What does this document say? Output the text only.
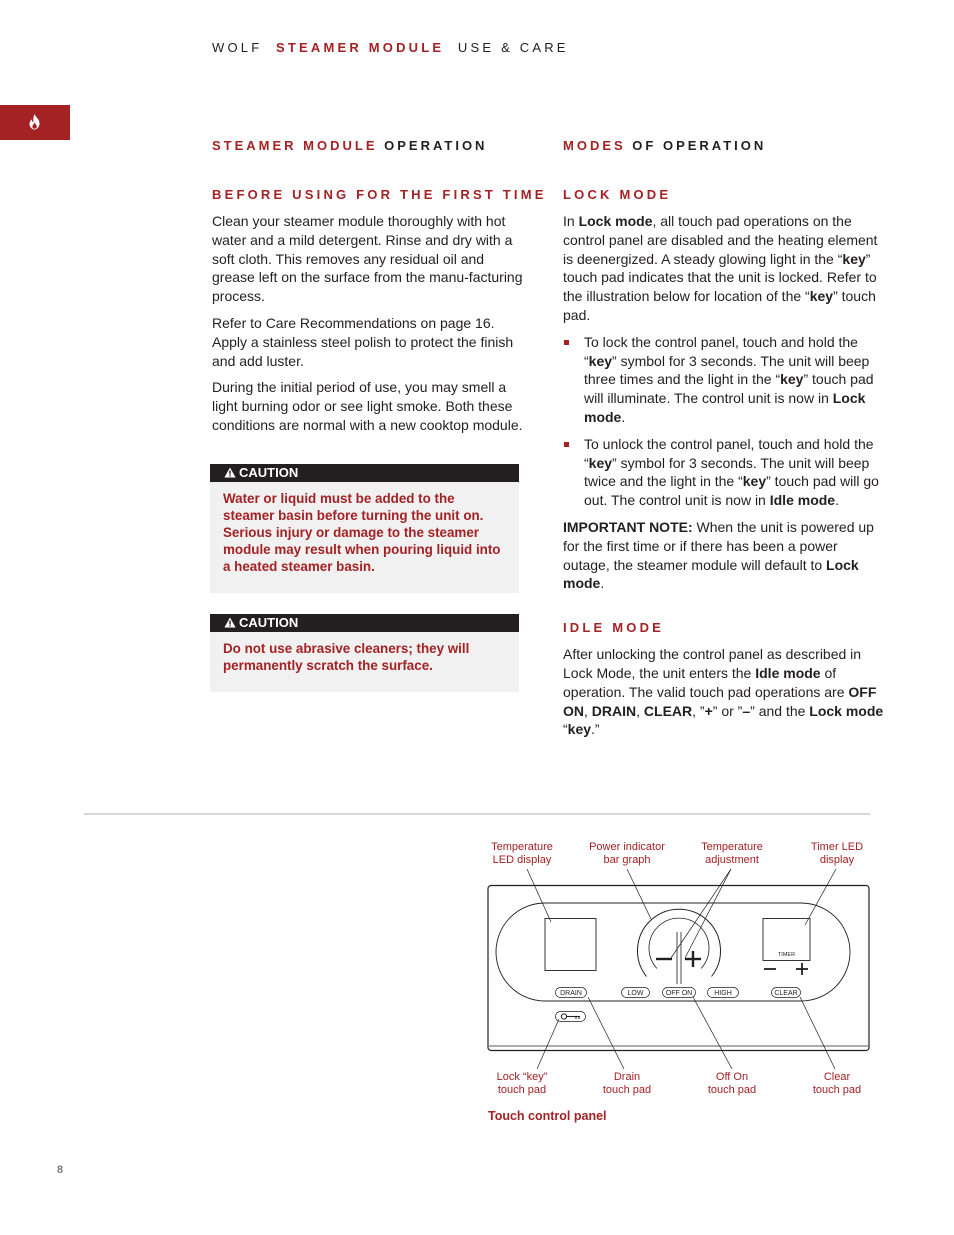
WOLF STEAMER MODULE USE & CARE
STEAMER MODULE OPERATION
BEFORE USING FOR THE FIRST TIME

Clean your steamer module thoroughly with hot water and a mild detergent. Rinse and dry with a soft cloth. This removes any residual oil and grease left on the surface from the manu-facturing process.

Refer to Care Recommendations on page 16. Apply a stainless steel polish to protect the finish and add luster.

During the initial period of use, you may smell a light burning odor or see light smoke. Both these conditions are normal with a new cooktop module.

CAUTION
Water or liquid must be added to the steamer basin before turning the unit on. Serious injury or damage to the steamer module may result when pouring liquid into a heated steamer basin.
CAUTION
Do not use abrasive cleaners; they will permanently scratch the surface.
MODES OF OPERATION
LOCK MODE

In Lock mode, all touch pad operations on the control panel are disabled and the heating element is deenergized. A steady glowing light in the “key” touch pad indicates that the unit is locked. Refer to the illustration below for location of the “key” touch pad.

To lock the control panel, touch and hold the “key” symbol for 3 seconds. The unit will beep three times and the light in the “key” touch pad will illuminate. The control unit is now in Lock mode.
To unlock the control panel, touch and hold the “key” symbol for 3 seconds. The unit will beep twice and the light in the “key” touch pad will go out. The control unit is now in Idle mode.

IMPORTANT NOTE: When the unit is powered up for the first time or if there has been a power outage, the steamer module will default to Lock mode.

IDLE MODE

After unlocking the control panel as described in Lock Mode, the unit enters the Idle mode of operation. The valid touch pad operations are OFF ON, DRAIN, CLEAR, ”+” or ”–” and the Lock mode “key.”

Temperature
LED display
Power indicator
bar graph
Temperature
adjustment
Timer LED
display
Lock “key”
touch pad
Drain
touch pad
Off On
touch pad
Clear
touch pad
DRAIN	LOW	OFF ON	HIGH	CLEAR
TIMER
Touch control panel
8
